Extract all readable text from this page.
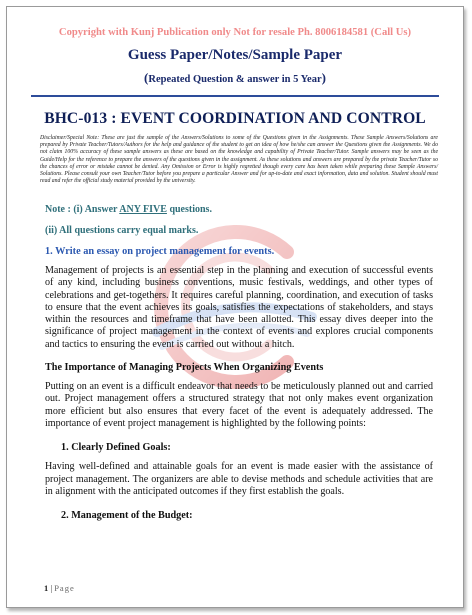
Copyright with Kunj Publication only Not for resale Ph. 8006184581 (Call Us)
Guess Paper/Notes/Sample Paper
(Repeated Question & answer in 5 Year)
BHC-013 : EVENT COORDINATION AND CONTROL
Disclaimer/Special Note: These are just the sample of the Answers/Solutions to some of the Questions given in the Assignments. These Sample Answers/Solutions are prepared by Private Teacher/Tutors/Authors for the help and guidance of the student to get an idea of how he/she can answer the Questions given the Assignments. We do not claim 100% accuracy of these sample answers as these are based on the knowledge and capability of Private Teacher/Tutor. Sample answers may be seen as the Guide/Help for the reference to prepare the answers of the questions given in the assignment. As these solutions and answers are prepared by the private Teacher/Tutor so the chances of error or mistake cannot be denied. Any Omission or Error is highly regretted though every care has been taken while preparing these Sample Answers/ Solutions. Please consult your own Teacher/Tutor before you prepare a particular Answer and for up-to-date and exact information, data and solution. Student should must read and refer the official study material provided by the university.

Note : (i) Answer ANY FIVE questions.

(ii) All questions carry equal marks.

1. Write an essay on project management for events.

Management of projects is an essential step in the planning and execution of successful events of any kind, including business conventions, music festivals, weddings, and other types of celebrations and get-togethers. It requires careful planning, coordination, and execution of tasks to ensure that the event achieves its goals, satisfies the expectations of stakeholders, and stays within the resources and timeframe that have been allotted. This essay dives deeper into the significance of project management in the context of events and explores crucial components and tactics to ensuring the event is carried out without a hitch.

The Importance of Managing Projects When Organizing Events

Putting on an event is a difficult endeavor that needs to be meticulously planned out and carried out. Project management offers a structured strategy that not only makes event organization more efficient but also ensures that every facet of the event is adequately addressed. The importance of event project management is highlighted by the following points:

1. Clearly Defined Goals:

Having well-defined and attainable goals for an event is made easier with the assistance of project management. The organizers are able to devise methods and schedule activities that are in alignment with the anticipated outcomes if they first establish the goals.

2. Management of the Budget:

1 | Page
